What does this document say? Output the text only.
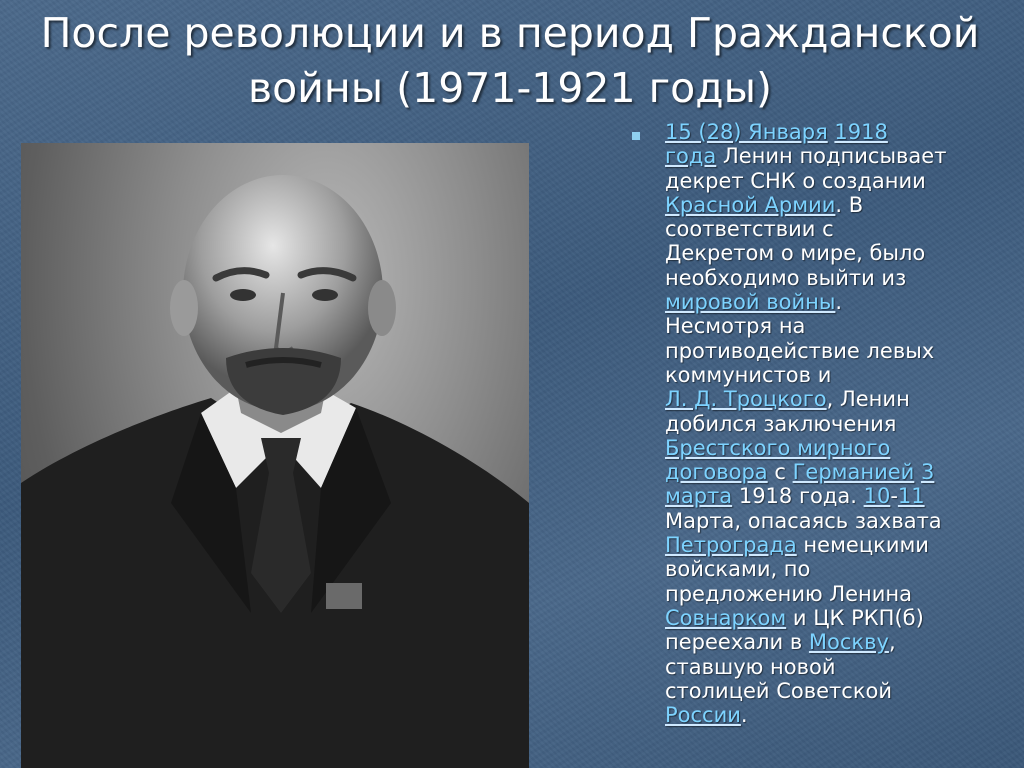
После революции и в период Гражданской
войны (1971-1921 годы)
15 (28) Января 1918
года Ленин подписывает
декрет СНК о создании
Красной Армии. В
соответствии с
Декретом о мире, было
необходимо выйти из
мировой войны.
Несмотря на
противодействие левых
коммунистов и
Л. Д. Троцкого, Ленин
добился заключения
Брестского мирного
договора с Германией 3
марта 1918 года. 10-11
Марта, опасаясь захвата
Петрограда немецкими
войсками, по
предложению Ленина
Совнарком и ЦК РКП(б)
переехали в Москву,
ставшую новой
столицей Советской
России.
